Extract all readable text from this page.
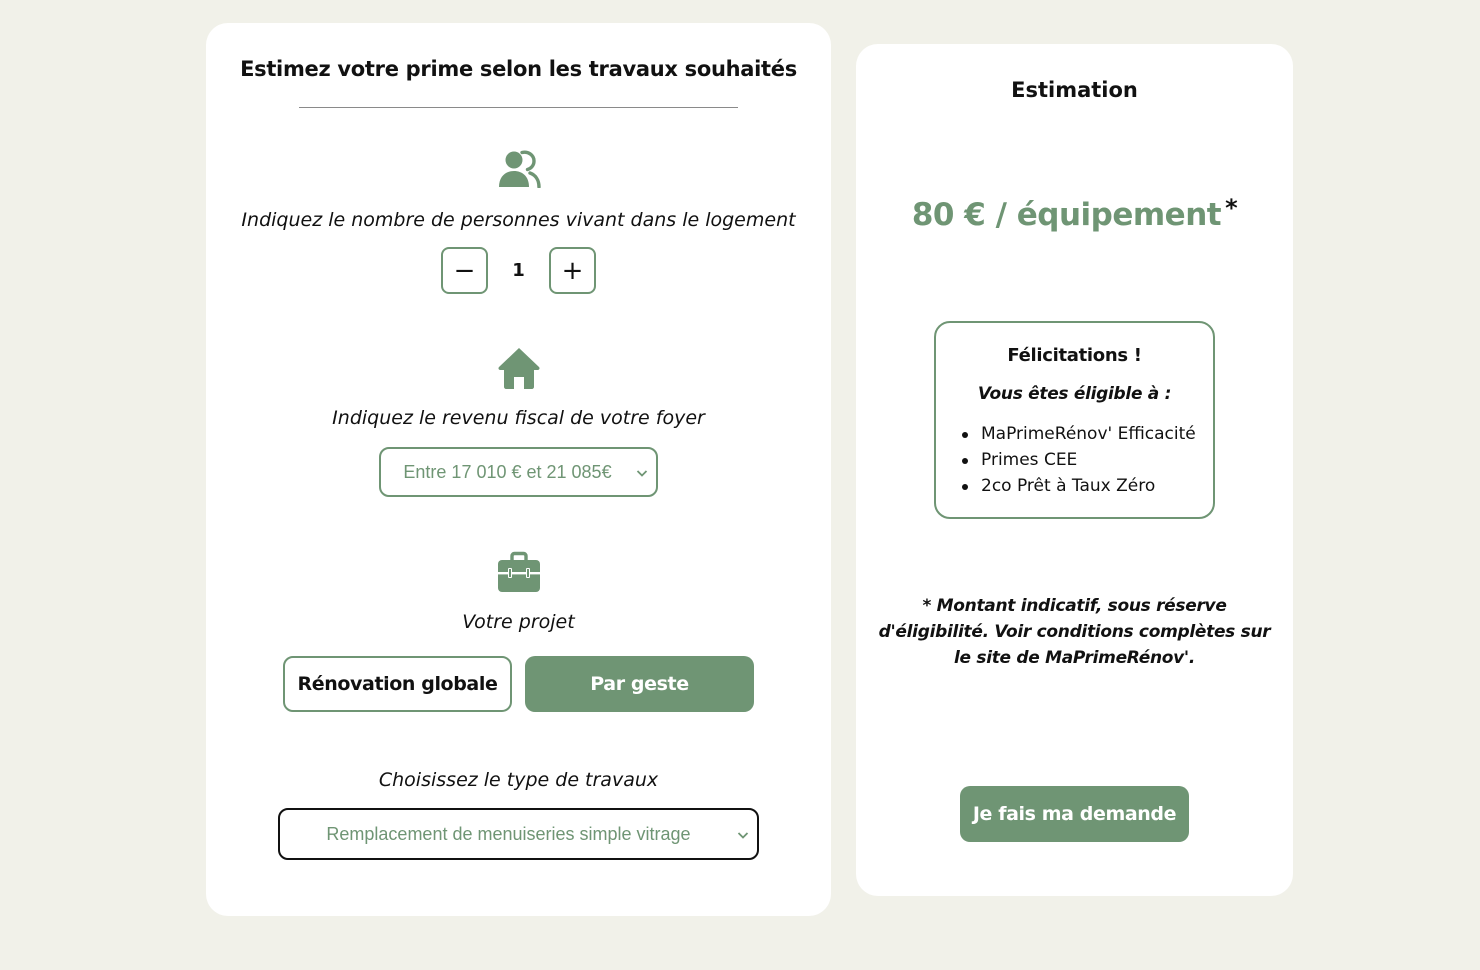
Estimez votre prime selon les travaux souhaités
Indiquez le nombre de personnes vivant dans le logement
−	1	+
Indiquez le revenu fiscal de votre foyer
Entre 17 010 € et 21 085€
Votre projet
Rénovation globale	Par geste
Choisissez le type de travaux
Remplacement de menuiseries simple vitrage
Estimation
80 € / équipement *
Félicitations !
Vous êtes éligible à :
MaPrimeRénov' Efficacité
Primes CEE
2co Prêt à Taux Zéro
* Montant indicatif, sous réserve d'éligibilité. Voir conditions complètes sur le site de MaPrimeRénov'.
Je fais ma demande
